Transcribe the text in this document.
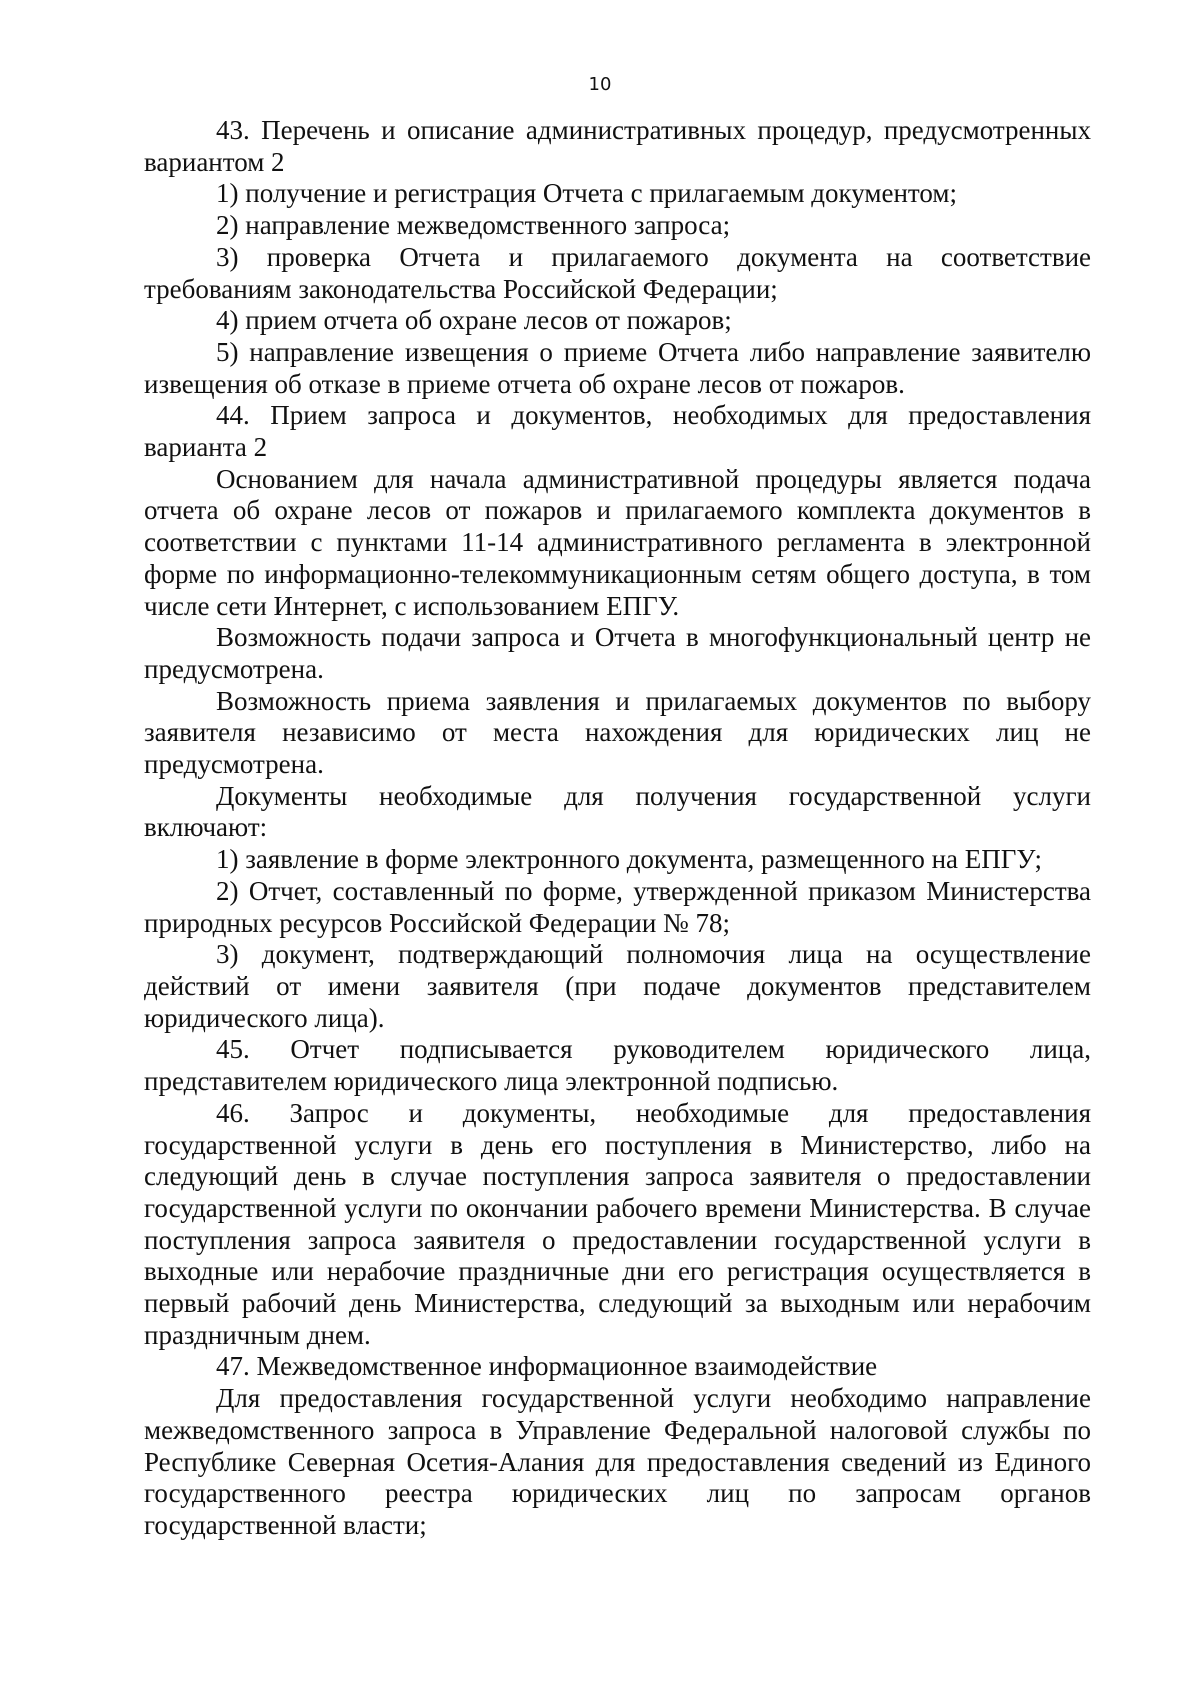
10

43. Перечень и описание административных процедур, предусмотренных вариантом 2

1) получение и регистрация Отчета с прилагаемым документом;

2) направление межведомственного запроса;

3) проверка Отчета и прилагаемого документа на соответствие требованиям законодательства Российской Федерации;

4) прием отчета об охране лесов от пожаров;

5) направление извещения о приеме Отчета либо направление заявителю извещения об отказе в приеме отчета об охране лесов от пожаров.

44. Прием запроса и документов, необходимых для предоставления варианта 2

Основанием для начала административной процедуры является подача отчета об охране лесов от пожаров и прилагаемого комплекта документов в соответствии с пунктами 11-14 административного регламента в электронной форме по информационно-телекоммуникационным сетям общего доступа, в том числе сети Интернет, с использованием ЕПГУ.

Возможность подачи запроса и Отчета в многофункциональный центр не предусмотрена.

Возможность приема заявления и прилагаемых документов по выбору заявителя независимо от места нахождения для юридических лиц не предусмотрена.

Документы необходимые для получения государственной услуги включают:

1) заявление в форме электронного документа, размещенного на ЕПГУ;

2) Отчет, составленный по форме, утвержденной приказом Министерства природных ресурсов Российской Федерации № 78;

3) документ, подтверждающий полномочия лица на осуществление действий от имени заявителя (при подаче документов представителем юридического лица).

45. Отчет подписывается руководителем юридического лица, представителем юридического лица электронной подписью.

46. Запрос и документы, необходимые для предоставления государственной услуги в день его поступления в Министерство, либо на следующий день в случае поступления запроса заявителя о предоставлении государственной услуги по окончании рабочего времени Министерства. В случае поступления запроса заявителя о предоставлении государственной услуги в выходные или нерабочие праздничные дни его регистрация осуществляется в первый рабочий день Министерства, следующий за выходным или нерабочим праздничным днем.

47. Межведомственное информационное взаимодействие

Для предоставления государственной услуги необходимо направление межведомственного запроса в Управление Федеральной налоговой службы по Республике Северная Осетия-Алания для предоставления сведений из Единого государственного реестра юридических лиц по запросам органов государственной власти;
